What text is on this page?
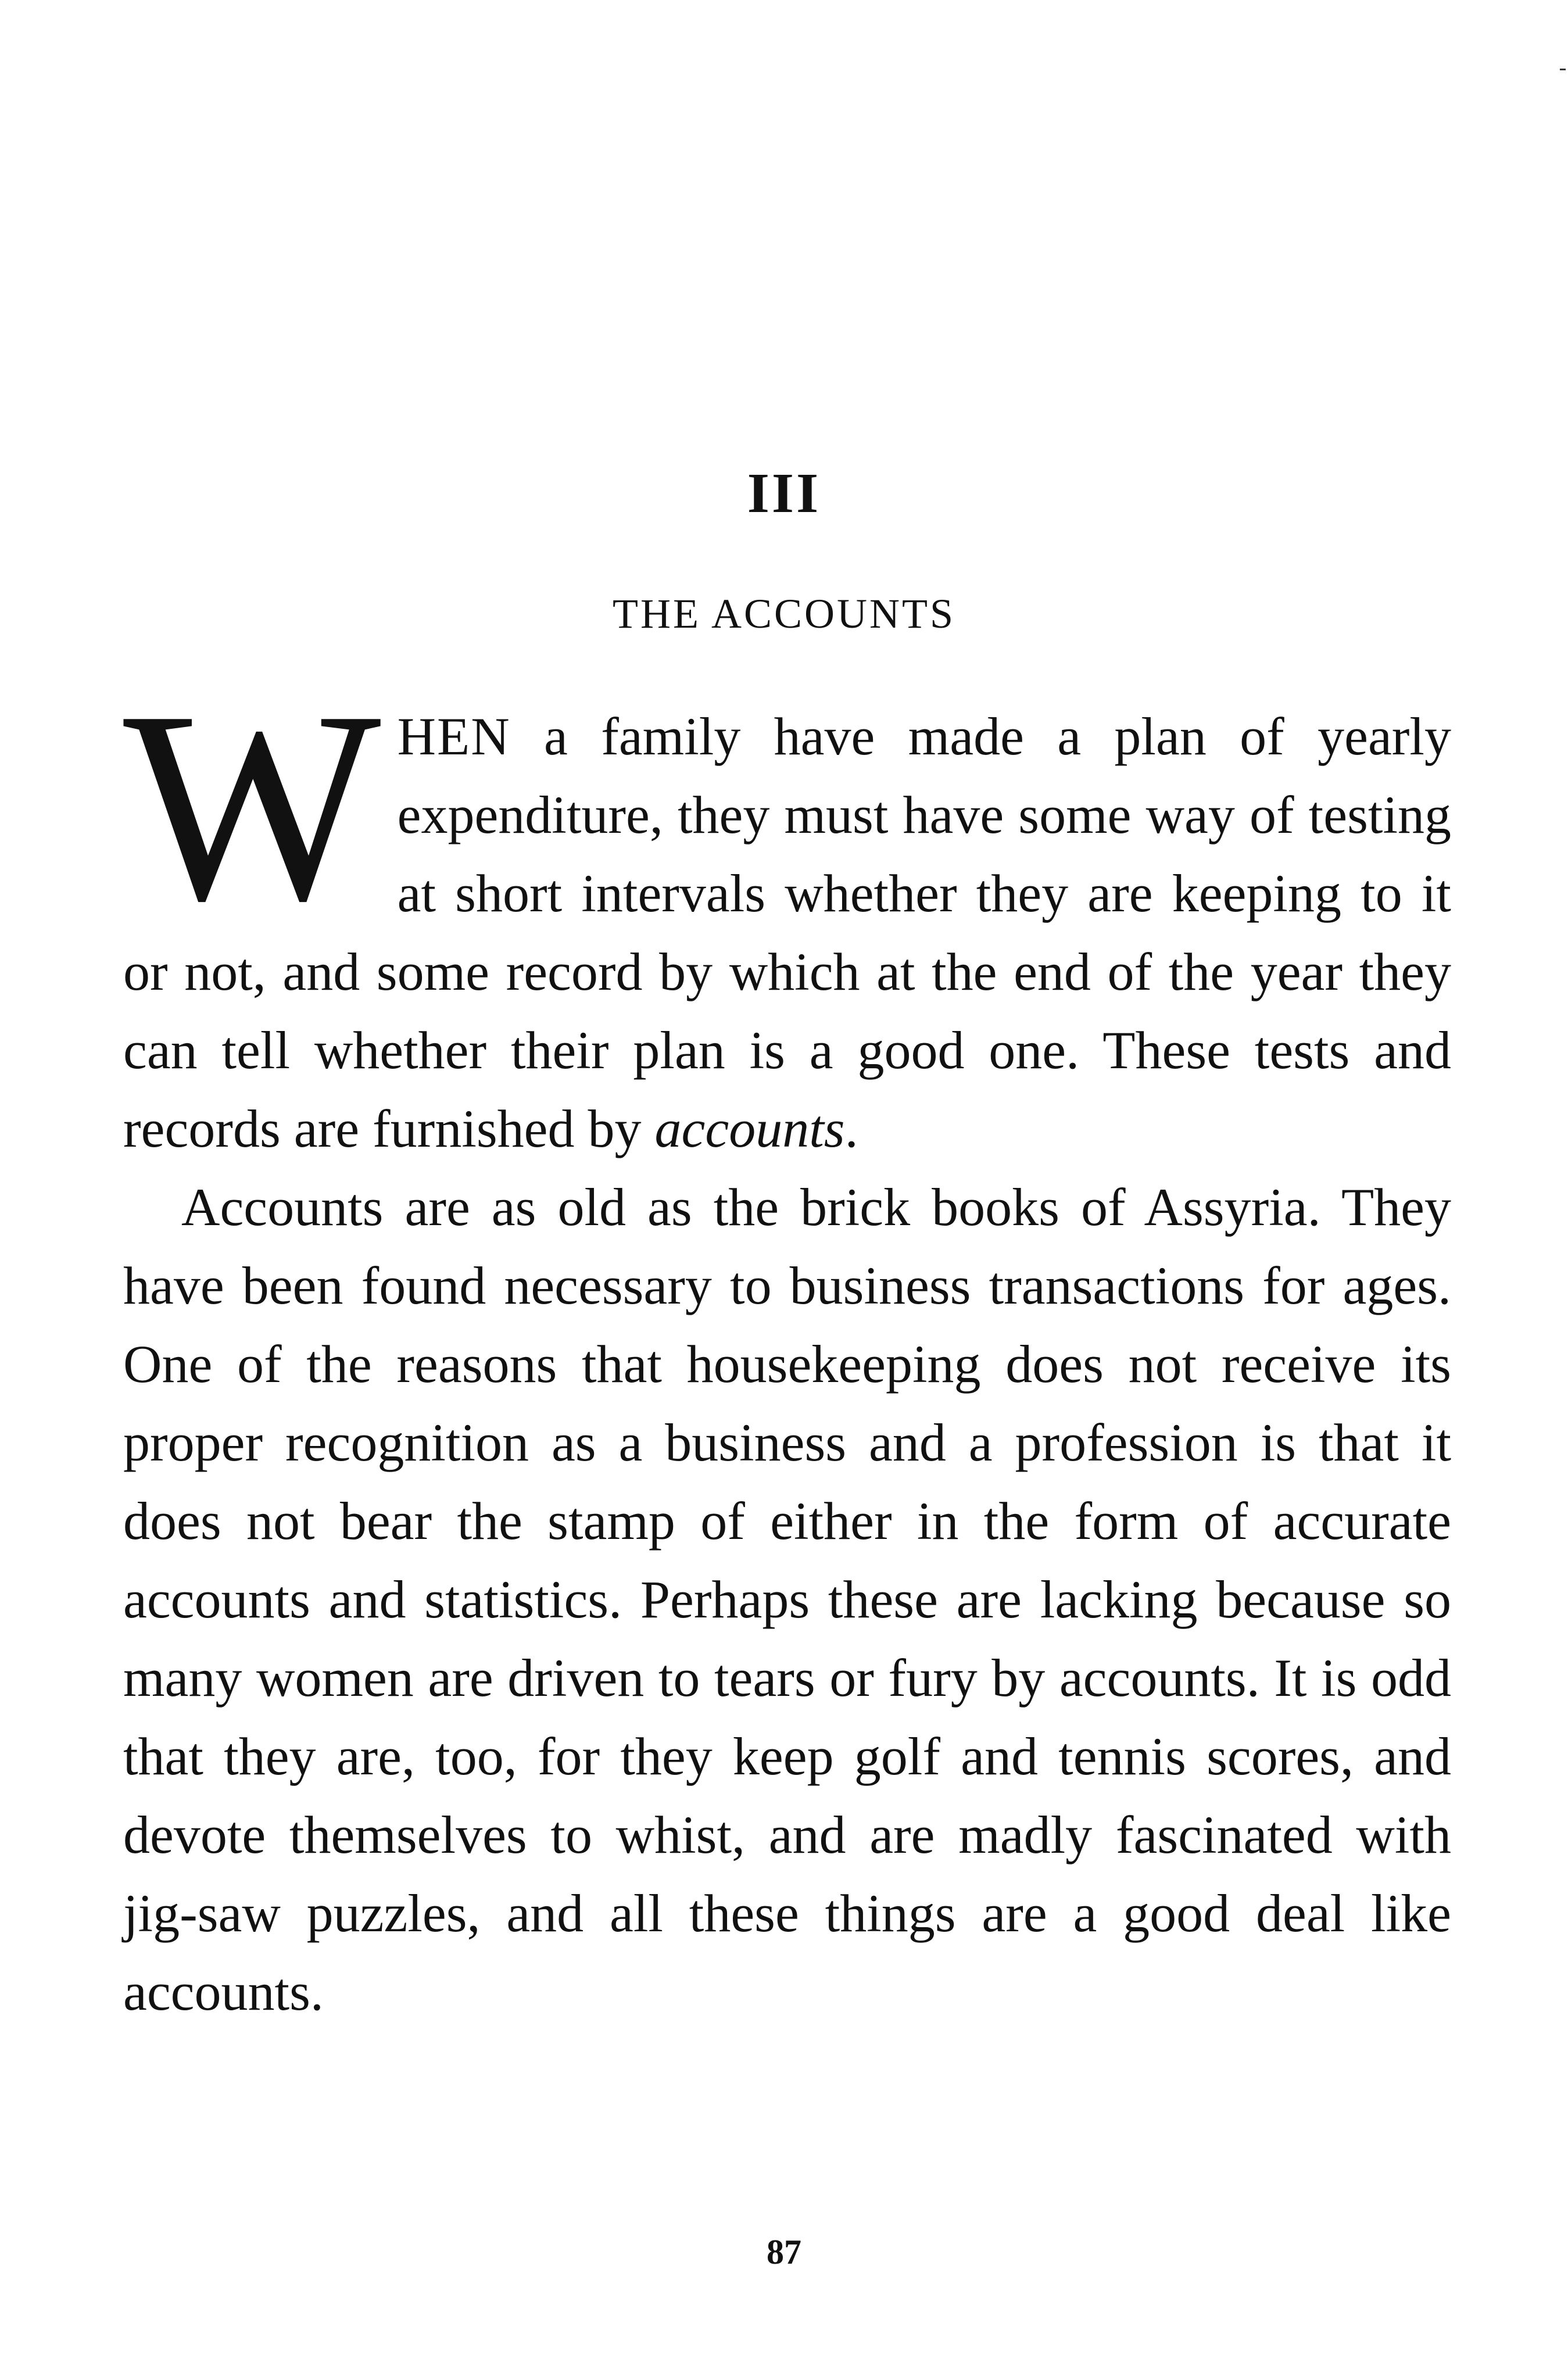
III
THE ACCOUNTS

WHEN a family have made a plan of yearly expenditure, they must have some way of testing at short intervals whether they are keeping to it or not, and some record by which at the end of the year they can tell whether their plan is a good one. These tests and records are furnished by accounts.

Accounts are as old as the brick books of Assyria. They have been found necessary to business transactions for ages. One of the reasons that housekeeping does not receive its proper recognition as a business and a profession is that it does not bear the stamp of either in the form of accurate accounts and statistics. Perhaps these are lacking because so many women are driven to tears or fury by accounts. It is odd that they are, too, for they keep golf and tennis scores, and devote themselves to whist, and are madly fascinated with jig-saw puzzles, and all these things are a good deal like accounts.

87
